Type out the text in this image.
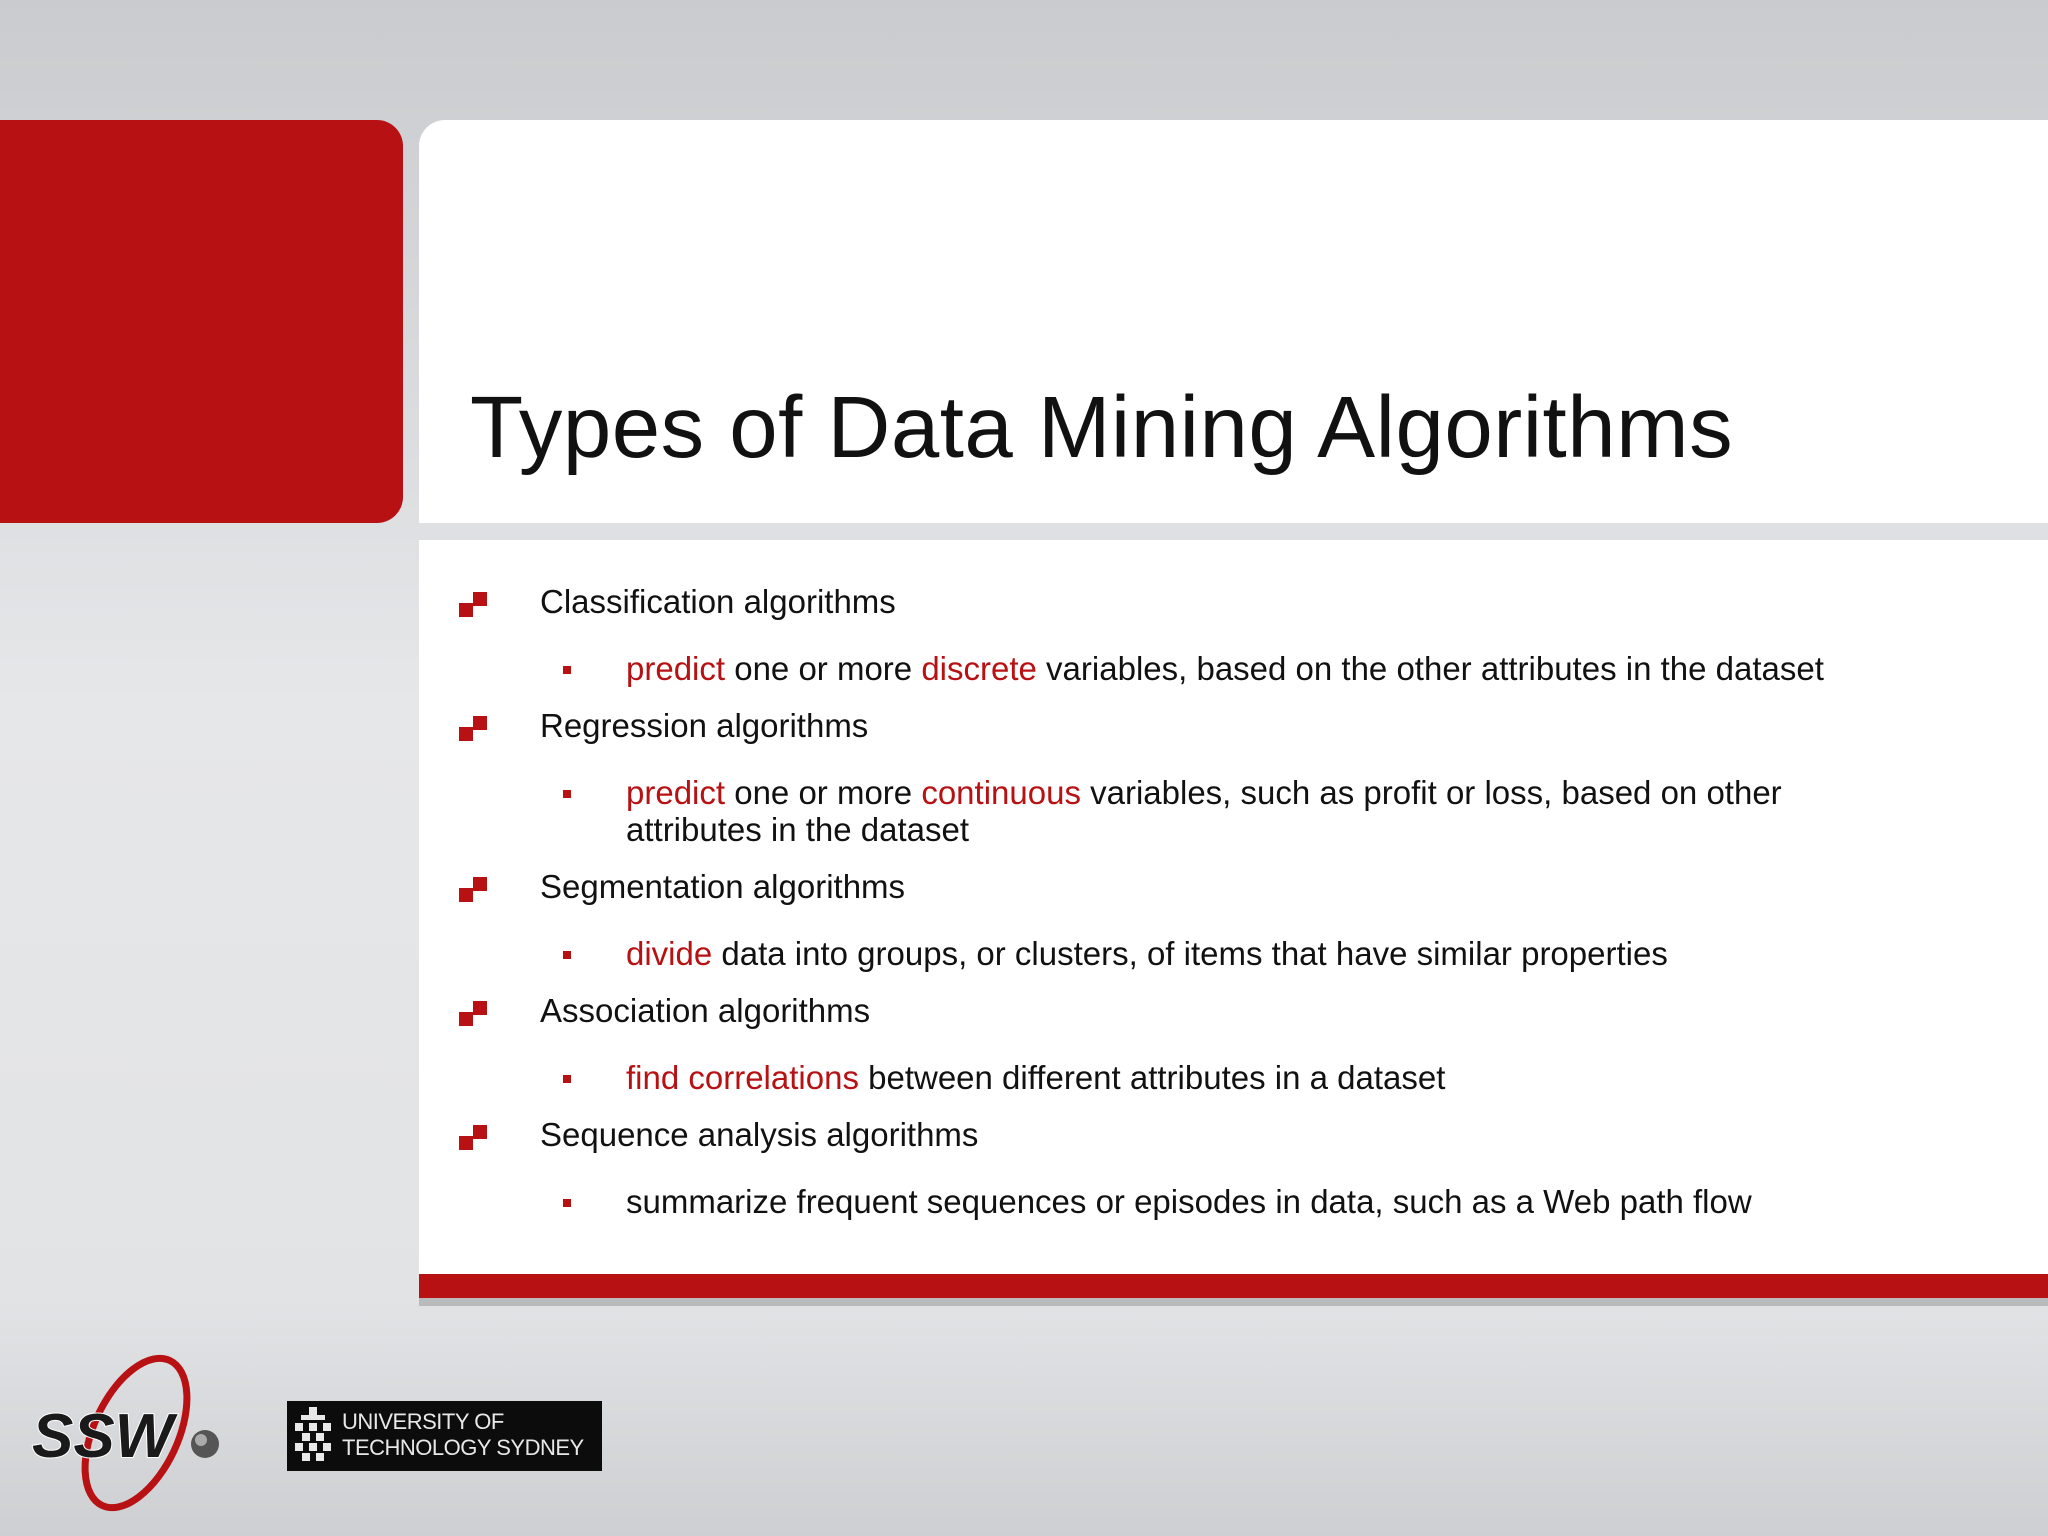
Types of Data Mining Algorithms
Classification algorithms
predict one or more discrete variables, based on the other attributes in the dataset
Regression algorithms
predict one or more continuous variables, such as profit or loss, based on other attributes in the dataset
Segmentation algorithms
divide data into groups, or clusters, of items that have similar properties
Association algorithms
find correlations between different attributes in a dataset
Sequence analysis algorithms
summarize frequent sequences or episodes in data, such as a Web path flow
SSW	UNIVERSITY OF
TECHNOLOGY SYDNEY
